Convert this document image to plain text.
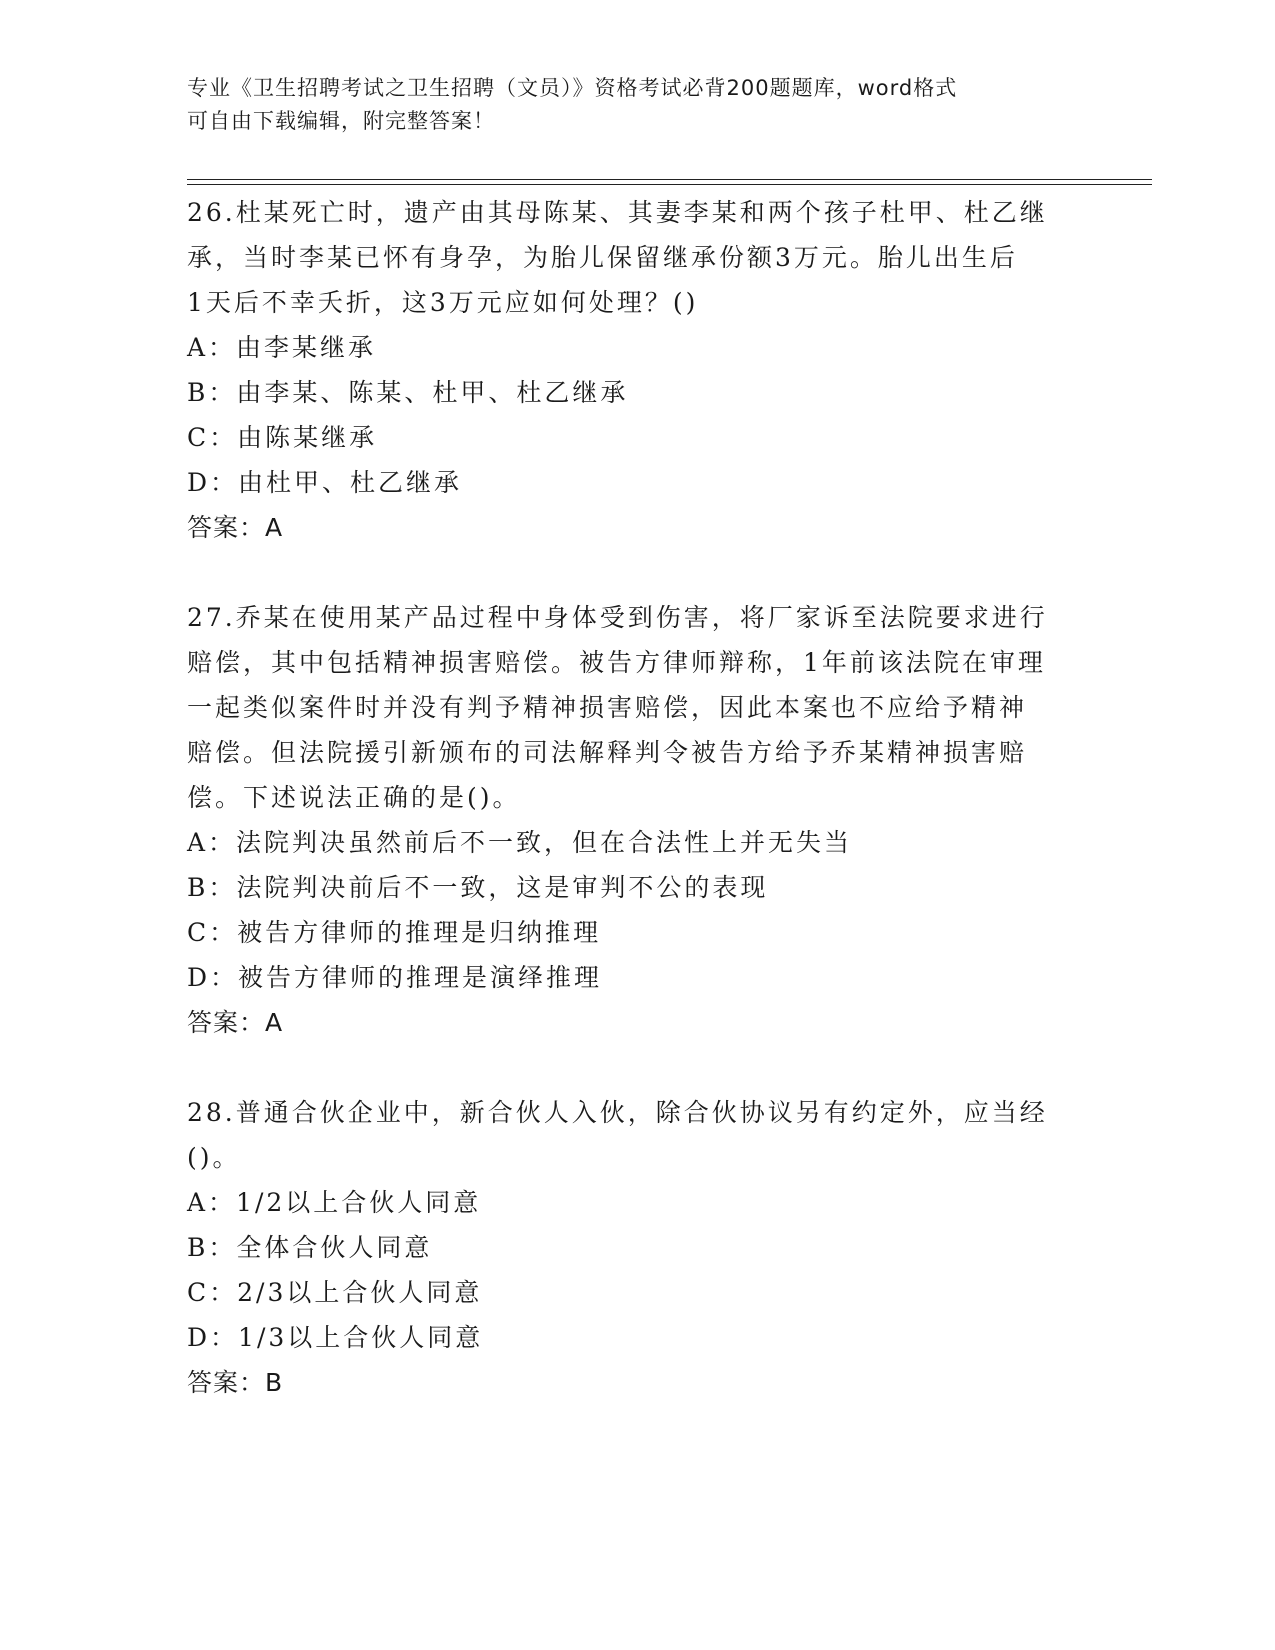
专业《卫生招聘考试之卫生招聘（文员）》资格考试必背200题题库，word格式
可自由下载编辑，附完整答案！

26.杜某死亡时，遗产由其母陈某、其妻李某和两个孩子杜甲、杜乙继

承，当时李某已怀有身孕，为胎儿保留继承份额3万元。胎儿出生后

1天后不幸夭折，这3万元应如何处理？()

A：由李某继承

B：由李某、陈某、杜甲、杜乙继承

C：由陈某继承

D：由杜甲、杜乙继承

答案：A

27.乔某在使用某产品过程中身体受到伤害，将厂家诉至法院要求进行

赔偿，其中包括精神损害赔偿。被告方律师辩称，1年前该法院在审理

一起类似案件时并没有判予精神损害赔偿，因此本案也不应给予精神

赔偿。但法院援引新颁布的司法解释判令被告方给予乔某精神损害赔

偿。下述说法正确的是()。

A：法院判决虽然前后不一致，但在合法性上并无失当

B：法院判决前后不一致，这是审判不公的表现

C：被告方律师的推理是归纳推理

D：被告方律师的推理是演绎推理

答案：A

28.普通合伙企业中，新合伙人入伙，除合伙协议另有约定外，应当经

()。

A：1/2以上合伙人同意

B：全体合伙人同意

C：2/3以上合伙人同意

D：1/3以上合伙人同意

答案：B
